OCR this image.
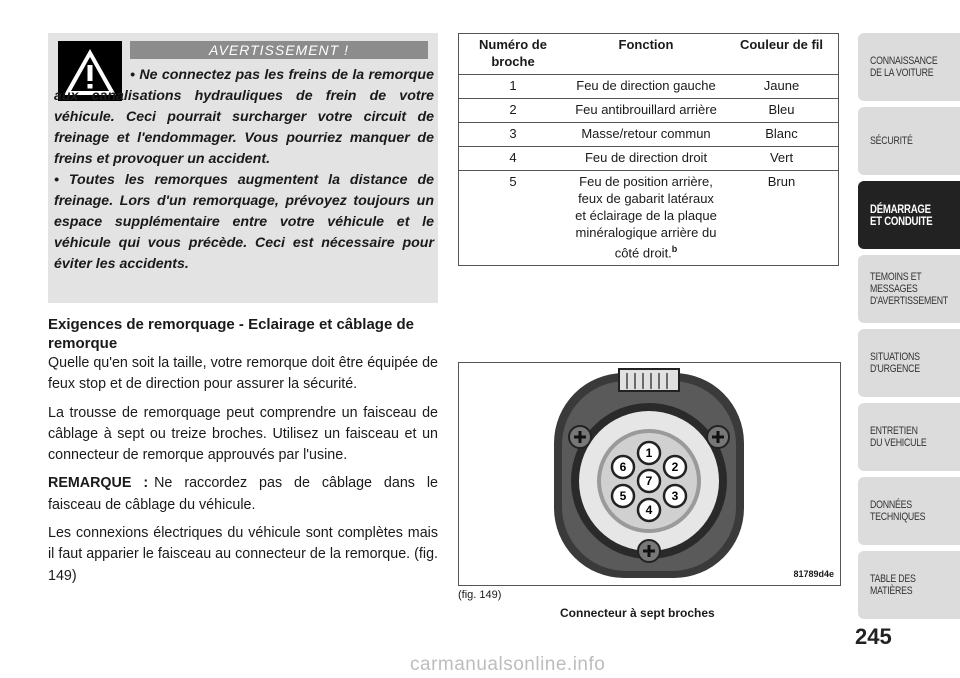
AVERTISSEMENT !

• Ne connectez pas les freins de la remorque aux canalisations hydrauliques de frein de votre véhicule. Ceci pourrait surcharger votre circuit de freinage et l'endommager. Vous pourriez manquer de freins et provoquer un accident.

• Toutes les remorques augmentent la distance de freinage. Lors d'un remorquage, prévoyez toujours un espace supplémentaire entre votre véhicule et le véhicule qui vous précède. Ceci est nécessaire pour éviter les accidents.

Exigences de remorquage - Eclairage et câblage de remorque

Quelle qu'en soit la taille, votre remorque doit être équipée de feux stop et de direction pour assurer la sécurité.

La trousse de remorquage peut comprendre un faisceau de câblage à sept ou treize broches. Utilisez un faisceau et un connecteur de remorque approuvés par l'usine.

REMARQUE : Ne raccordez pas de câblage dans le faisceau de câblage du véhicule.

Les connexions électriques du véhicule sont complètes mais il faut apparier le faisceau au connecteur de la remorque. (fig. 149)

Numéro de broche	Fonction	Couleur de fil
1	Feu de direction gauche	Jaune
2	Feu antibrouillard arrière	Bleu
3	Masse/retour commun	Blanc
4	Feu de direction droit	Vert
5	Feu de position arrière, feux de gabarit latéraux et éclairage de la plaque minéralogique arrière du côté droit.$^b$	Brun
1
2
3
4
5
6
7
81789d4e
(fig. 149)
Connecteur à sept broches
CONNAISSANCE
DE LA VOITURE
SÉCURITÉ
DÉMARRAGE
ET CONDUITE
TEMOINS ET
MESSAGES
D'AVERTISSEMENT
SITUATIONS
D'URGENCE
ENTRETIEN
DU VEHICULE
DONNÉES
TECHNIQUES
TABLE DES
MATIÈRES
245
carmanualsonline.info
